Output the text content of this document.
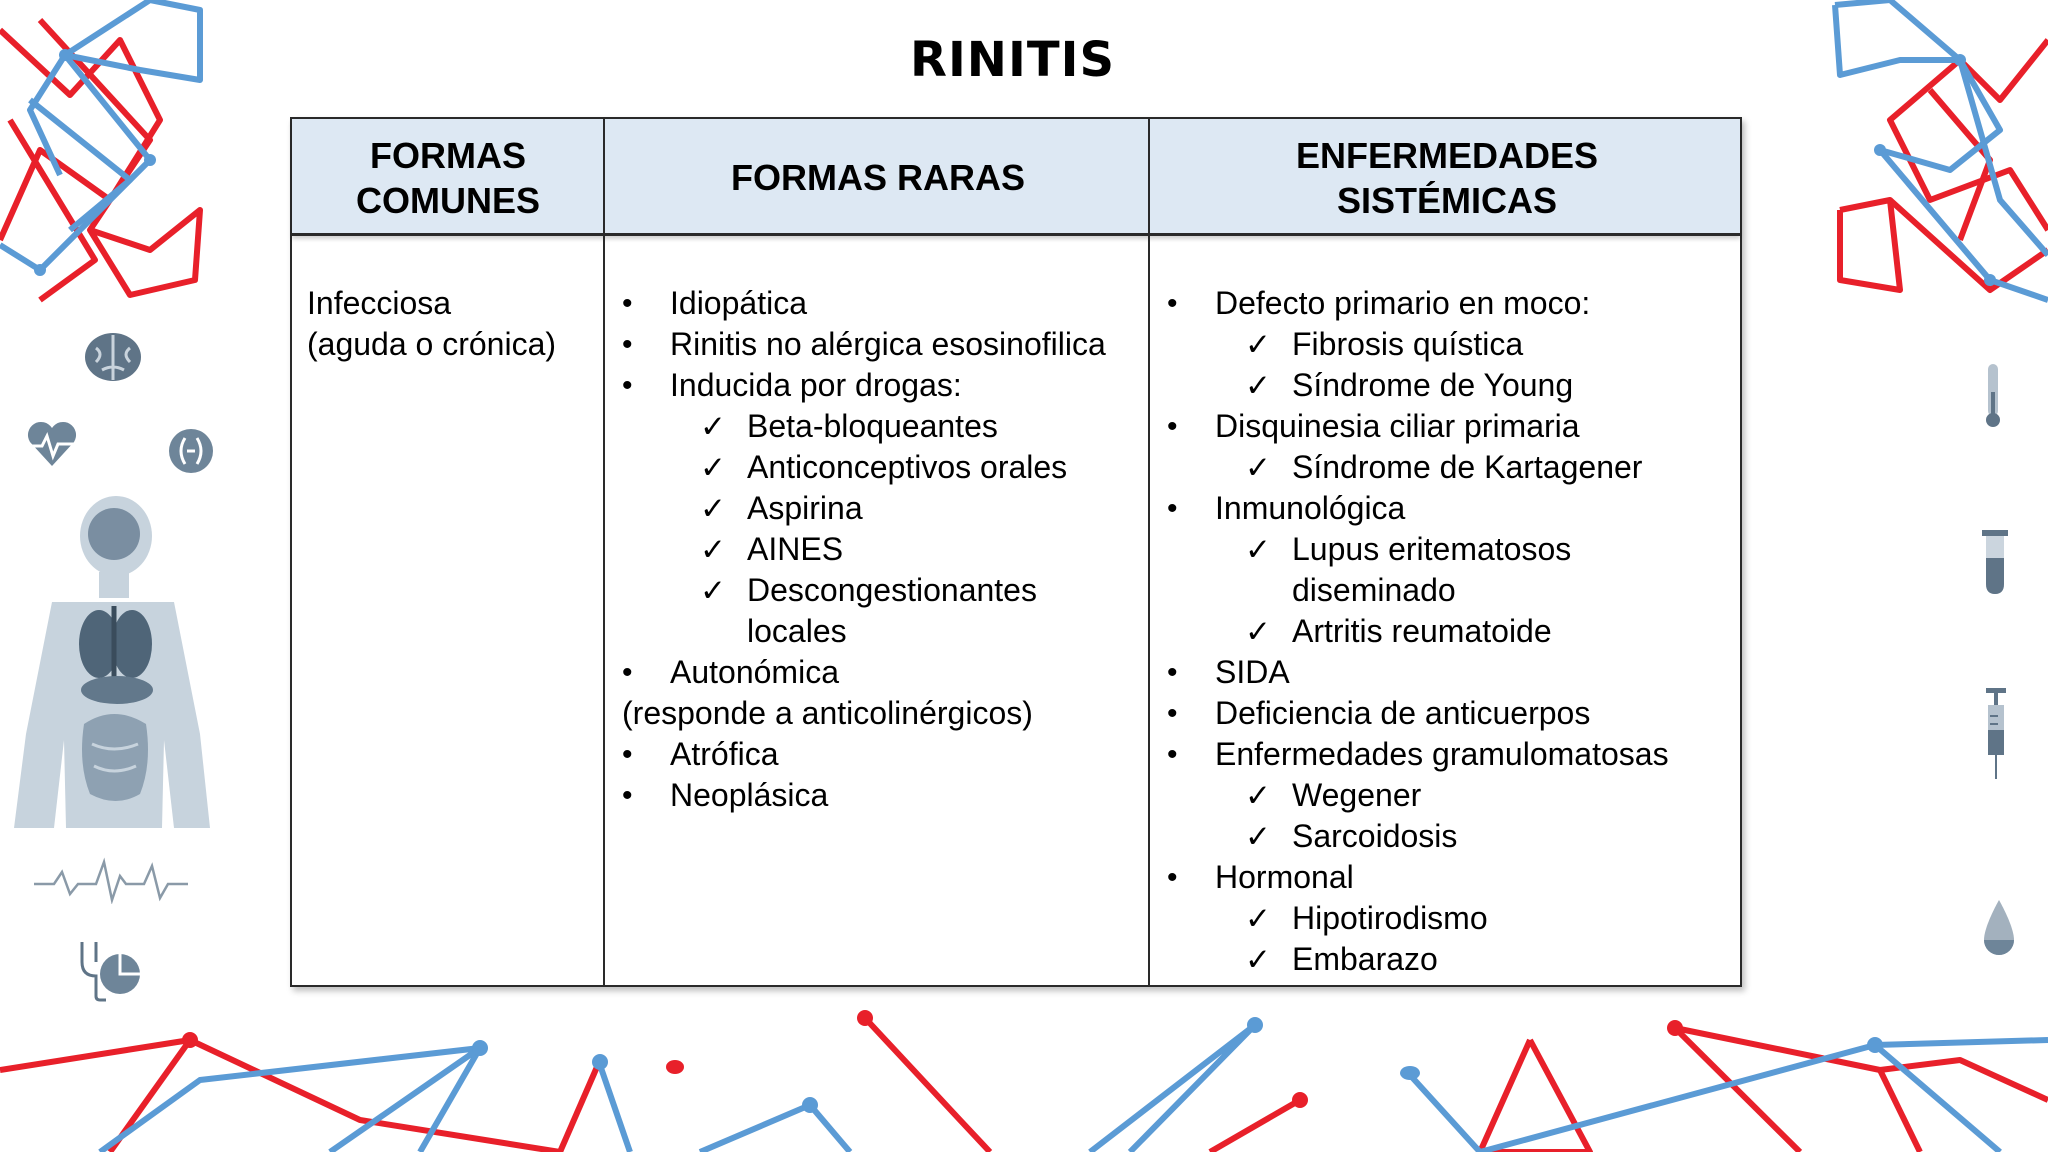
RINITIS
FORMAS
COMUNES
FORMAS RARAS
ENFERMEDADES
SISTÉMICAS
Infecciosa
(aguda o crónica)
• Idiopática
• Rinitis no alérgica esosinofilica
• Inducida por drogas:
✓ Beta-bloqueantes
✓ Anticonceptivos orales
✓ Aspirina
✓ AINES
✓ Descongestionantes
locales
• Autonómica
(responde a anticolinérgicos)
• Atrófica
• Neoplásica
• Defecto primario en moco:
✓ Fibrosis quística
✓ Síndrome de Young
• Disquinesia ciliar primaria
✓ Síndrome de Kartagener
• Inmunológica
✓ Lupus eritematosos
diseminado
✓ Artritis reumatoide
• SIDA
• Deficiencia de anticuerpos
• Enfermedades gramulomatosas
✓ Wegener
✓ Sarcoidosis
• Hormonal
✓ Hipotirodismo
✓ Embarazo
